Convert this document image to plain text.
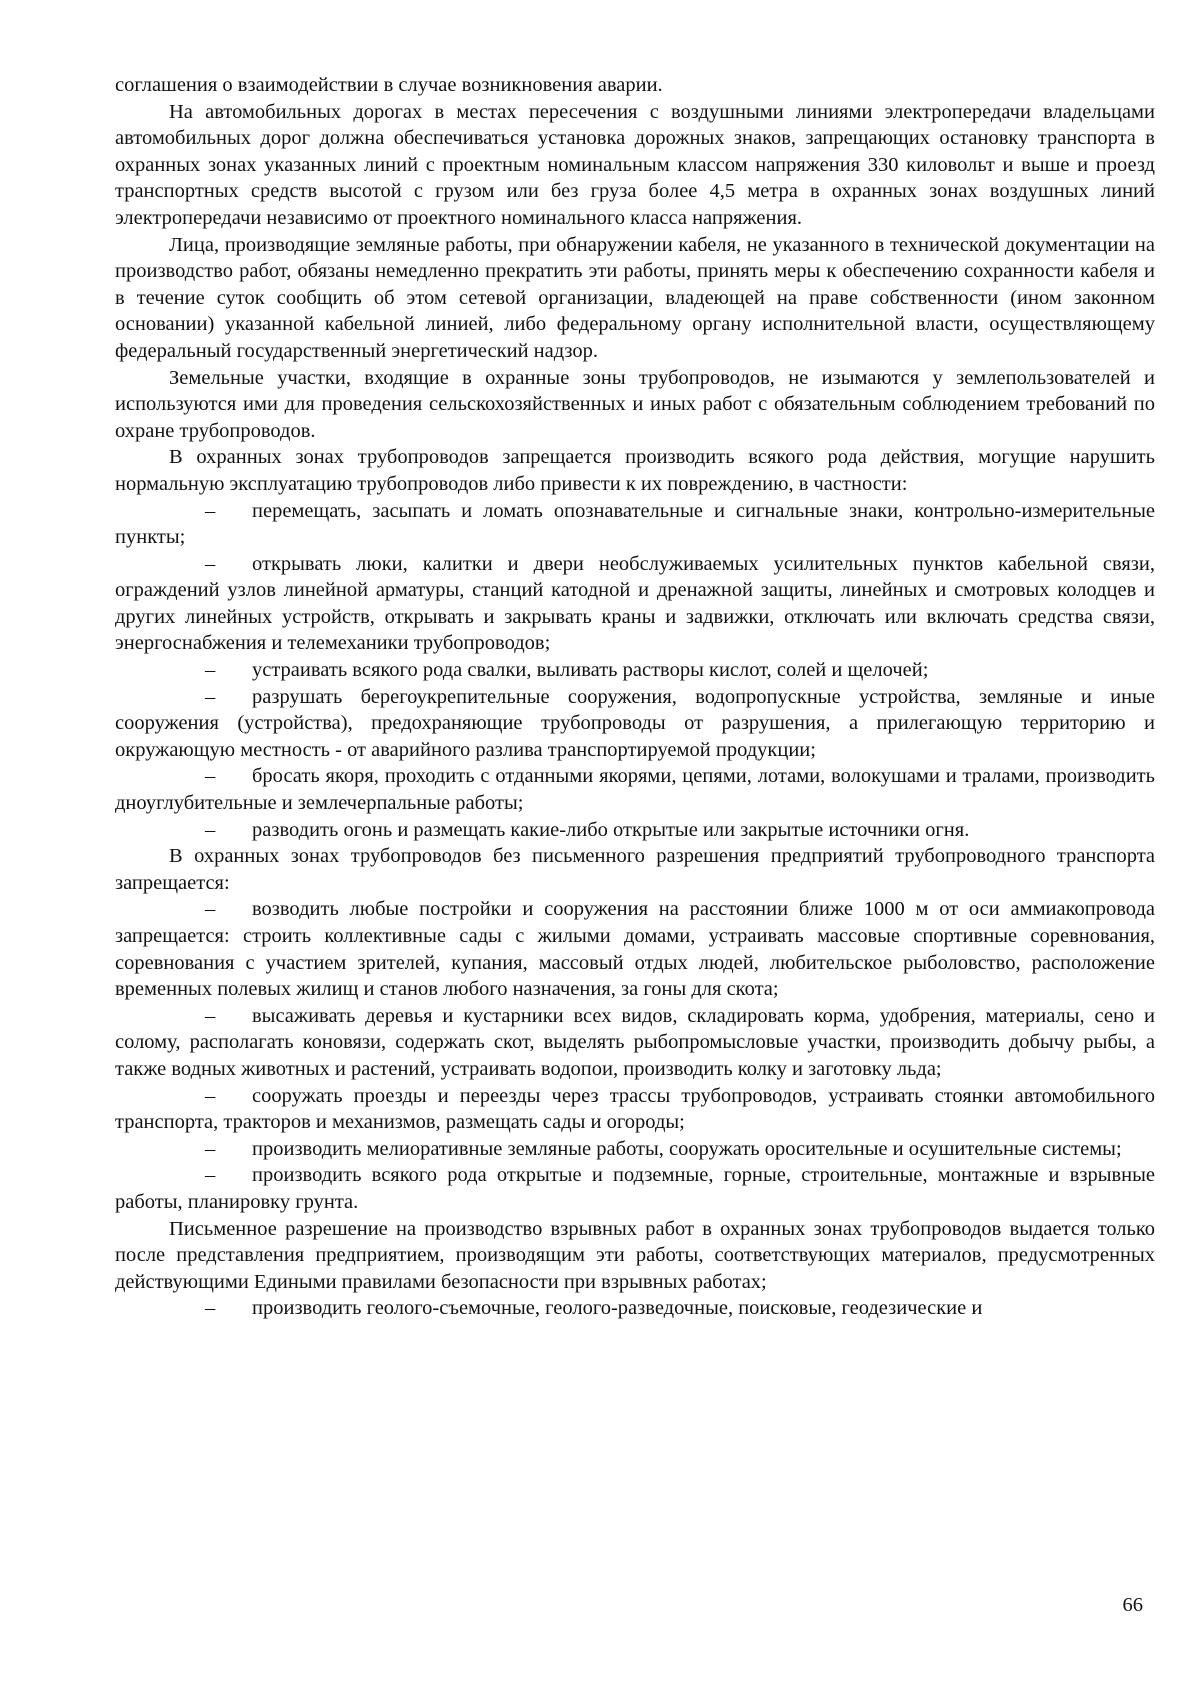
соглашения о взаимодействии в случае возникновения аварии.

На автомобильных дорогах в местах пересечения с воздушными линиями электропередачи владельцами автомобильных дорог должна обеспечиваться установка дорожных знаков, запрещающих остановку транспорта в охранных зонах указанных линий с проектным номинальным классом напряжения 330 киловольт и выше и проезд транспортных средств высотой с грузом или без груза более 4,5 метра в охранных зонах воздушных линий электропередачи независимо от проектного номинального класса напряжения.

Лица, производящие земляные работы, при обнаружении кабеля, не указанного в технической документации на производство работ, обязаны немедленно прекратить эти работы, принять меры к обеспечению сохранности кабеля и в течение суток сообщить об этом сетевой организации, владеющей на праве собственности (ином законном основании) указанной кабельной линией, либо федеральному органу исполнительной власти, осуществляющему федеральный государственный энергетический надзор.

Земельные участки, входящие в охранные зоны трубопроводов, не изымаются у землепользователей и используются ими для проведения сельскохозяйственных и иных работ с обязательным соблюдением требований по охране трубопроводов.

В охранных зонах трубопроводов запрещается производить всякого рода действия, могущие нарушить нормальную эксплуатацию трубопроводов либо привести к их повреждению, в частности:

– перемещать, засыпать и ломать опознавательные и сигнальные знаки, контрольно-измерительные пункты;

– открывать люки, калитки и двери необслуживаемых усилительных пунктов кабельной связи, ограждений узлов линейной арматуры, станций катодной и дренажной защиты, линейных и смотровых колодцев и других линейных устройств, открывать и закрывать краны и задвижки, отключать или включать средства связи, энергоснабжения и телемеханики трубопроводов;

– устраивать всякого рода свалки, выливать растворы кислот, солей и щелочей;

– разрушать берегоукрепительные сооружения, водопропускные устройства, земляные и иные сооружения (устройства), предохраняющие трубопроводы от разрушения, а прилегающую территорию и окружающую местность - от аварийного разлива транспортируемой продукции;

– бросать якоря, проходить с отданными якорями, цепями, лотами, волокушами и тралами, производить дноуглубительные и землечерпальные работы;

– разводить огонь и размещать какие-либо открытые или закрытые источники огня.

В охранных зонах трубопроводов без письменного разрешения предприятий трубопроводного транспорта запрещается:

– возводить любые постройки и сооружения на расстоянии ближе 1000 м от оси аммиакопровода запрещается: строить коллективные сады с жилыми домами, устраивать массовые спортивные соревнования, соревнования с участием зрителей, купания, массовый отдых людей, любительское рыболовство, расположение временных полевых жилищ и станов любого назначения, за гоны для скота;

– высаживать деревья и кустарники всех видов, складировать корма, удобрения, материалы, сено и солому, располагать коновязи, содержать скот, выделять рыбопромысловые участки, производить добычу рыбы, а также водных животных и растений, устраивать водопои, производить колку и заготовку льда;

– сооружать проезды и переезды через трассы трубопроводов, устраивать стоянки автомобильного транспорта, тракторов и механизмов, размещать сады и огороды;

– производить мелиоративные земляные работы, сооружать оросительные и осушительные системы;

– производить всякого рода открытые и подземные, горные, строительные, монтажные и взрывные работы, планировку грунта.

Письменное разрешение на производство взрывных работ в охранных зонах трубопроводов выдается только после представления предприятием, производящим эти работы, соответствующих материалов, предусмотренных действующими Едиными правилами безопасности при взрывных работах;

– производить геолого-съемочные, геолого-разведочные, поисковые, геодезические и

66
